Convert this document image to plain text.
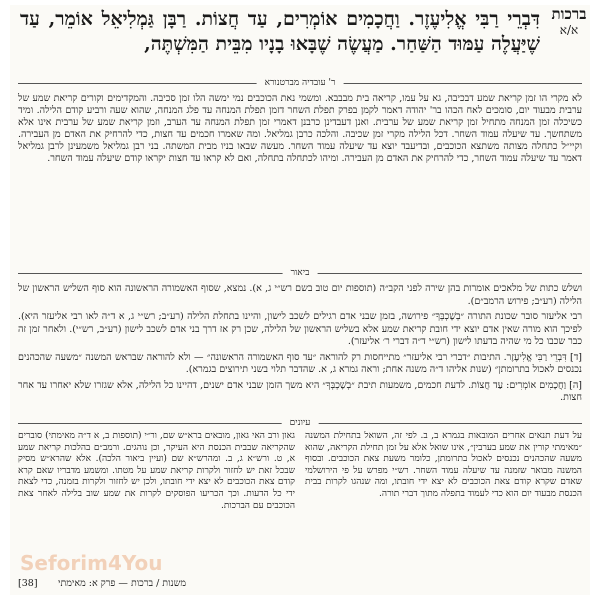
ברכות
א/א
דִּבְרֵי רַבִּי אֱלִיעֶזֶר. וַחֲכָמִים אוֹמְרִים, עַד חֲצוֹת. רַבָּן גַּמְלִיאֵל אוֹמֵר, עַד שֶׁיַּעֲלֶה עַמּוּד הַשַּׁחַר. מַעֲשֶׂה שֶׁבָּאוּ בָנָיו מִבֵּית הַמִּשְׁתֶּה,
ר' עובדיה מברטנורא

לא מקרי הו זמן קריאת שמע דבכיבה, גא על עמו, קריאה בית מבבבא. ומשמי נאת הכוכבים נמי ימשה הלו זמן סכיבה. והמקדימים וקורים קריאת שמע של ערבית מבעוד יום, סומכים לאח הכהו בר' יהודה דאמר לקמן בפרק תפלת השחר דזמן תפלת המנחה עד פלג המנחה, שהוא שעה ורביע קודם הלילה. ומיד כשיכלה זמן המנחה מתחיל זמן קריאת שמע של ערבית. ואנן דעבדינן כרבנן דאמרי זמן תפלת המנחה עד הערב, וזמן קריאת שמע של ערבית אינו אלא משתחשך. עד שיעלה עמוד השחר. דכל הלילה מקרי זמן שכיבה. והלכה כרבן גמליאל. ומה שאמרו חכמים עד חצות, כדי להרחיק את האדם מן העבירה. וקיי״ל כתחלה מצותה משתצא הכוכבים, ובדיעבד יוצא עד שיעלה עמוד השחר. מעשה שבאו בניו מבית המשתה. בני רבן גמליאל משמעינן לרבן גמליאל דאמר עד שיעלה עמוד השחר, כדי להרחיק את האדם מן העבירה. ומיהו לכתחלה בתחלה, ואם לא קראו עד חצות יקראו קודם שיעלה עמוד השחר.

ביאור

ושלש כתות של מלאכים אומרות בהן שירה לפני הקב״ה (תוספות יום טוב בשם רש״י ג, א). נמצא, שסוף האשמורה הראשונה הוא סוף השליש הראשון של הלילה (רע״ב; פירוש הרמב״ם).

רבי אליעזר סובר שכונת התורה ״בְשָׁכְבְּךָ״ פירושה, בזמן שבני אדם רגילים לשכב לישון, והיינו בתחלת הלילה (רע״ב; רש״י ג, א ד״ה לאו רבי אליעזר היא). לפיכך הוא מורה שאין אדם יוצא ידי חובת קריאת שמע אלא בשליש הראשון של הלילה, שכן רק אז דרך בני אדם לשכב לישון (רע״ב, רש״י). ולאחר זמן זה כבר שכבו כל מי שהיה בדעתו לישון (רש״י ד״ה דברי ר׳ אליעזר).

[ד] דִּבְרֵי רַבִּי אֱלִיעֶזֶר. התיבות ״דברי רבי אליעזר״ מתייחסות רק להוראה ״עד סוף האשמורה הראשונה״ — ולא להוראה שבראש המשנה ״משעה שהכהנים נכנסים לאכול בתרומתן״ (שנות אליהו ד״ה משנה אחת; וראה גמרא ג, א. שהדבר תלוי בשני תירוצים בגמרא).

[ה] וַחֲכָמִים אוֹמְרִים: עַד חֲצוֹת. לדעת חכמים, משמעות תיבת ״בְשָׁכְבְּךָ״ היא משך הזמן שבני אדם ישנים, דהיינו כל הלילה, אלא שגזרו שלא יאחרו עד אחר חצות.

עיונים
על דעת תנאים אחרים המובאות בגמרא ב, ב. לפי זה, השואל בתחילת המשנה ״מאימתי קורין את שמע בערבין״, אינו שואל אלא על זמן תחילת הקריאה, שהוא משעה שהכהנים נכנסים לאכול בתרומתן, כלומר משעת צאת הכוכבים. ובסוף המשנה מבואר שזמנה עד שיעלה עמוד השחר. רש״י מפרש על פי הירושלמי שאדם שקרא קודם צאת הכוכבים לא יצא ידי חובתו, ומה שנהגו לקרות בבית הכנסת מבעוד יום הוא כדי לעמוד בתפלה מתוך דברי תורה.
גאון ורב האי גאון, מובאים ברא״ש שם, ור״י (תוספות ב, א ד״ה מאימתי) סוברים שהקריאה שבבית הכנסת היא העיקר, וכן נוהגים. ורמב״ם בהלכות קריאת שמע א, ט. ורש״א ג, ב. ומהרש״א שם (ועיין ביאור הלכה). אלא שהרא״ש מסיק שבכל זאת יש לחזור ולקרות קריאת שמע על מטתו. ומשמע מדבריו שאם קרא קודם צאת הכוכבים לא יצא ידי חובתו, ולכן יש לחזור ולקרות בזמנה, כדי לצאת ידי כל הדעות. וכך הכריעו הפוסקים לקרות את שמע שוב בלילה לאחר צאת הכוכבים עם הברכות.
[38] משנות / ברכות — פרק א: מאימתי
Seforim4You
